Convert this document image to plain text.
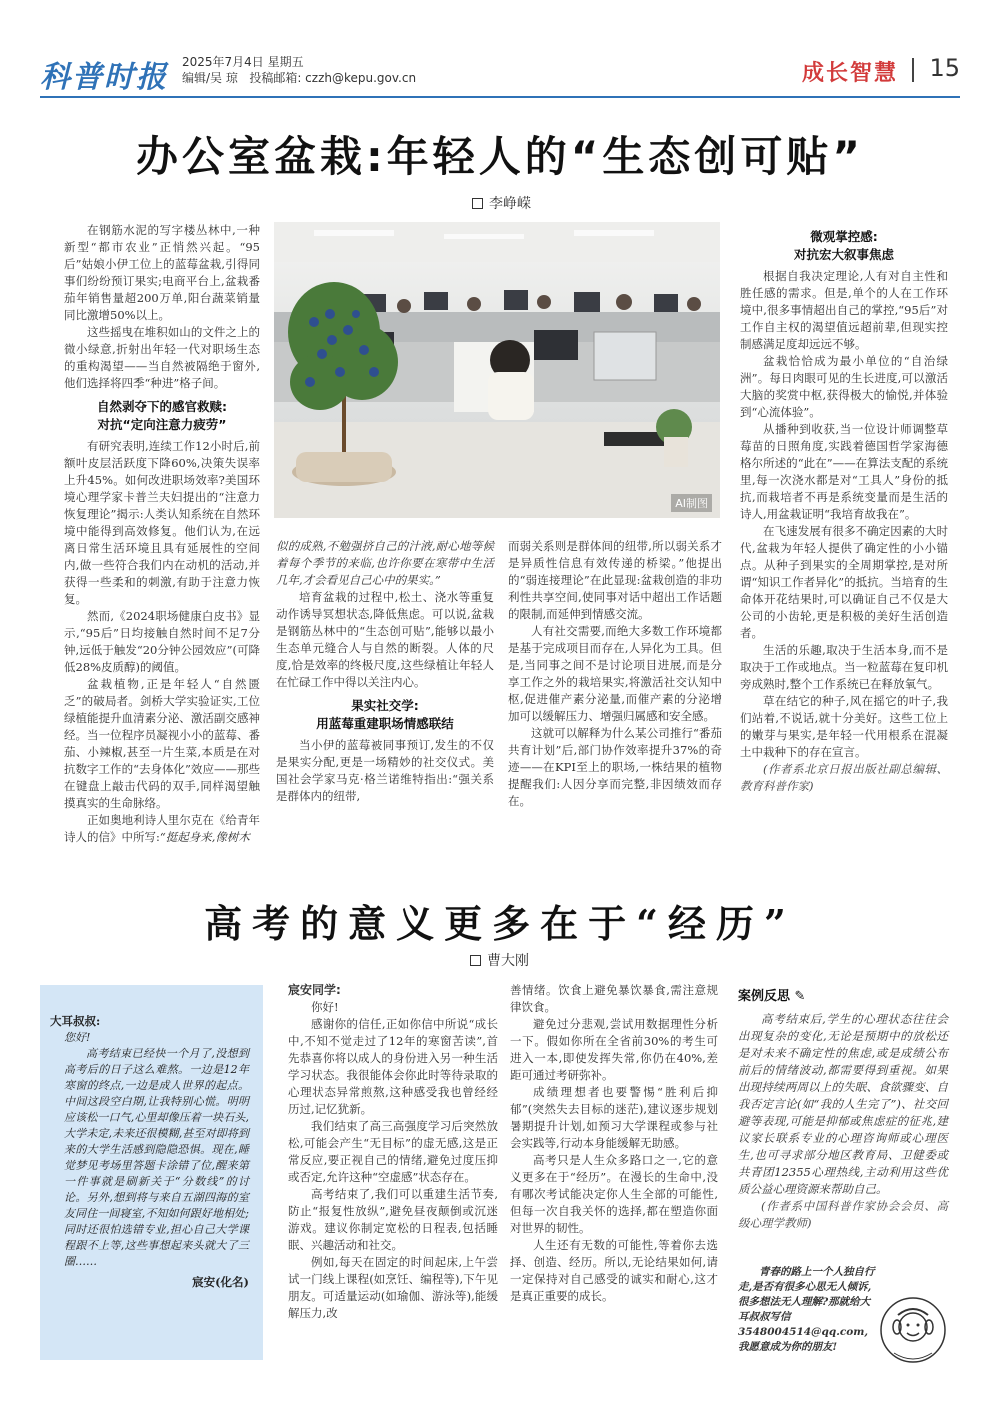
科普时报 2025年7月4日 星期五
编辑/吴 琼 投稿邮箱: czzh@kepu.gov.cn	成长智慧 15
办公室盆栽:年轻人的“生态创可贴”
李峥嵘

在钢筋水泥的写字楼丛林中,一种新型“都市农业”正悄然兴起。“95后”姑娘小伊工位上的蓝莓盆栽,引得同事们纷纷预订果实;电商平台上,盆栽番茄年销售量超200万单,阳台蔬菜销量同比激增50%以上。

这些摇曳在堆积如山的文件之上的微小绿意,折射出年轻一代对职场生态的重构渴望——当自然被隔绝于窗外,他们选择将四季“种进”格子间。

自然剥夺下的感官救赎:
对抗“定向注意力疲劳”

有研究表明,连续工作12小时后,前额叶皮层活跃度下降60%,决策失误率上升45%。如何改进职场效率?美国环境心理学家卡普兰夫妇提出的“注意力恢复理论”揭示:人类认知系统在自然环境中能得到高效修复。他们认为,在远离日常生活环境且具有延展性的空间内,做一些符合我们内在动机的活动,并获得一些柔和的刺激,有助于注意力恢复。

然而,《2024职场健康白皮书》显示,“95后”日均接触自然时间不足7分钟,远低于触发“20分钟公园效应”(可降低28%皮质醇)的阈值。

盆栽植物,正是年轻人“自然匮乏”的破局者。剑桥大学实验证实,工位绿植能提升血清素分泌、激活副交感神经。当一位程序员凝视小小的蓝莓、番茄、小辣椒,甚至一片生菜,本质是在对抗数字工作的“去身体化”效应——那些在键盘上敲击代码的双手,同样渴望触摸真实的生命脉络。

正如奥地利诗人里尔克在《给青年诗人的信》中所写:“挺起身来,像树木

AI制图

似的成熟,不勉强挤自己的汁液,耐心地等候着每个季节的来临,也许你要在寒带中生活几年,才会看见自己心中的果实。”

培育盆栽的过程中,松土、浇水等重复动作诱导冥想状态,降低焦虑。可以说,盆栽是钢筋丛林中的“生态创可贴”,能够以最小生态单元缝合人与自然的断裂。人体的尺度,恰是效率的终极尺度,这些绿植让年轻人在忙碌工作中得以关注内心。

果实社交学:
用蓝莓重建职场情感联结

当小伊的蓝莓被同事预订,发生的不仅是果实分配,更是一场精妙的社交仪式。美国社会学家马克·格兰诺维特指出:“强关系是群体内的纽带,

而弱关系则是群体间的纽带,所以弱关系才是异质性信息有效传递的桥梁。”他提出的“弱连接理论”在此显现:盆栽创造的非功利性共享空间,使同事对话中超出工作话题的限制,而延伸到情感交流。

人有社交需要,而绝大多数工作环境都是基于完成项目而存在,人异化为工具。但是,当同事之间不是讨论项目进展,而是分享工作之外的栽培果实,将激活社交认知中枢,促进催产素分泌量,而催产素的分泌增加可以缓解压力、增强归属感和安全感。

这就可以解释为什么某公司推行“番茄共育计划”后,部门协作效率提升37%的奇迹——在KPI至上的职场,一株结果的植物提醒我们:人因分享而完整,非因绩效而存在。

微观掌控感:
对抗宏大叙事焦虑

根据自我决定理论,人有对自主性和胜任感的需求。但是,单个的人在工作环境中,很多事情超出自己的掌控,“95后”对工作自主权的渴望值远超前辈,但现实控制感满足度却远远不够。

盆栽恰恰成为最小单位的“自治绿洲”。每日肉眼可见的生长进度,可以激活大脑的奖赏中枢,获得极大的愉悦,并体验到“心流体验”。

从播种到收获,当一位设计师调整草莓苗的日照角度,实践着德国哲学家海德格尔所述的“此在”——在算法支配的系统里,每一次浇水都是对“工具人”身份的抵抗,而栽培者不再是系统变量而是生活的诗人,用盆栽证明“我培育故我在”。

在飞速发展有很多不确定因素的大时代,盆栽为年轻人提供了确定性的小小锚点。从种子到果实的全周期掌控,是对所谓“知识工作者异化”的抵抗。当培育的生命体开花结果时,可以确证自己不仅是大公司的小齿轮,更是积极的美好生活创造者。

生活的乐趣,取决于生活本身,而不是取决于工作或地点。当一粒蓝莓在复印机旁成熟时,整个工作系统已在释放氧气。

草在结它的种子,风在摇它的叶子,我们站着,不说话,就十分美好。这些工位上的嫩芽与果实,是年轻一代用根系在混凝土中栽种下的存在宣言。

(作者系北京日报出版社副总编辑、教育科普作家)

高考的意义更多在于“经历”
曹大刚
大耳叔叔:
您好!
高考结束已经快一个月了,没想到高考后的日子这么难熬。一边是12年寒窗的终点,一边是成人世界的起点。中间这段空白期,让我特别心慌。明明应该松一口气,心里却像压着一块石头,大学未定,未来还很模糊,甚至对即将到来的大学生活感到隐隐恐惧。现在,睡觉梦见考场里答题卡涂错了位,醒来第一件事就是刷新关于“分数线”的讨论。另外,想到将与来自五湖四海的室友同住一间寝室,不知如何跟好地相处;同时还很怕选错专业,担心自己大学课程跟不上等,这些事想起来头就大了三圈……
宸安(化名)
宸安同学:

你好!

感谢你的信任,正如你信中所说“成长中,不知不觉走过了12年的寒窗苦读”,首先恭喜你将以成人的身份进入另一种生活学习状态。我很能体会你此时等待录取的心理状态异常煎熬,这种感受我也曾经经历过,记忆犹新。

我们结束了高三高强度学习后突然放松,可能会产生“无目标”的虚无感,这是正常反应,要正视自己的情绪,避免过度压抑或否定,允许这种“空虚感”状态存在。

高考结束了,我们可以重建生活节奏,防止“报复性放纵”,避免昼夜颠倒或沉迷游戏。建议你制定宽松的日程表,包括睡眠、兴趣活动和社交。

例如,每天在固定的时间起床,上午尝试一门线上课程(如烹饪、编程等),下午见朋友。可适量运动(如瑜伽、游泳等),能缓解压力,改

善情绪。饮食上避免暴饮暴食,需注意规律饮食。

避免过分悲观,尝试用数据理性分析一下。假如你所在全省前30%的考生可进入一本,即使发挥失常,你仍在40%,差距可通过考研弥补。

成绩理想者也要警惕“胜利后抑郁”(突然失去目标的迷茫),建议逐步规划暑期提升计划,如预习大学课程或参与社会实践等,行动本身能缓解无助感。

高考只是人生众多路口之一,它的意义更多在于“经历”。在漫长的生命中,没有哪次考试能决定你人生全部的可能性,但每一次自我关怀的选择,都在塑造你面对世界的韧性。

人生还有无数的可能性,等着你去选择、创造、经历。所以,无论结果如何,请一定保持对自己感受的诚实和耐心,这才是真正重要的成长。

案例反思 ✎

高考结束后,学生的心理状态往往会出现复杂的变化,无论是预期中的放松还是对未来不确定性的焦虑,或是成绩公布前后的情绪波动,都需要得到重视。如果出现持续两周以上的失眠、食欲骤变、自我否定言论(如“我的人生完了”)、社交回避等表现,可能是抑郁或焦虑症的征兆,建议家长联系专业的心理咨询师或心理医生,也可寻求部分地区教育局、卫健委或共青团12355心理热线,主动利用这些优质公益心理资源来帮助自己。

(作者系中国科普作家协会会员、高级心理学教师)

青春的路上一个人独自行走,是否有很多心思无人倾诉,很多想法无人理解?那就给大耳叔叔写信3548004514@qq.com,我愿意成为你的朋友!
